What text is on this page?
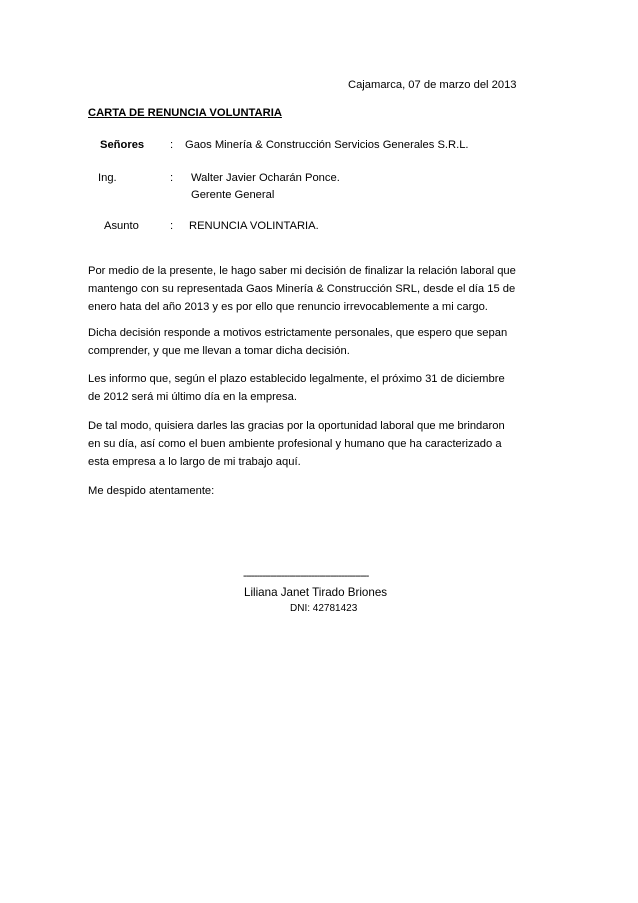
Cajamarca, 07 de marzo del 2013
CARTA DE RENUNCIA VOLUNTARIA
Señores : Gaos Minería & Construcción Servicios Generales S.R.L.
Ing.	: Walter Javier Ocharán Ponce.
Gerente General
Asunto	: RENUNCIA VOLINTARIA.
Por medio de la presente, le hago saber mi decisión de finalizar la relación laboral que
mantengo con su representada Gaos Minería & Construcción SRL, desde el día 15 de
enero hata del año 2013 y es por ello que renuncio irrevocablemente a mi cargo.
Dicha decisión responde a motivos estrictamente personales, que espero que sepan
comprender, y que me llevan a tomar dicha decisión.
Les informo que, según el plazo establecido legalmente, el próximo 31 de diciembre
de 2012 será mi último día en la empresa.
De tal modo, quisiera darles las gracias por la oportunidad laboral que me brindaron
en su día, así como el buen ambiente profesional y humano que ha caracterizado a
esta empresa a lo largo de mi trabajo aquí.
Me despido atentamente:
----------------------------------------------
Liliana Janet Tirado Briones
DNI: 42781423
